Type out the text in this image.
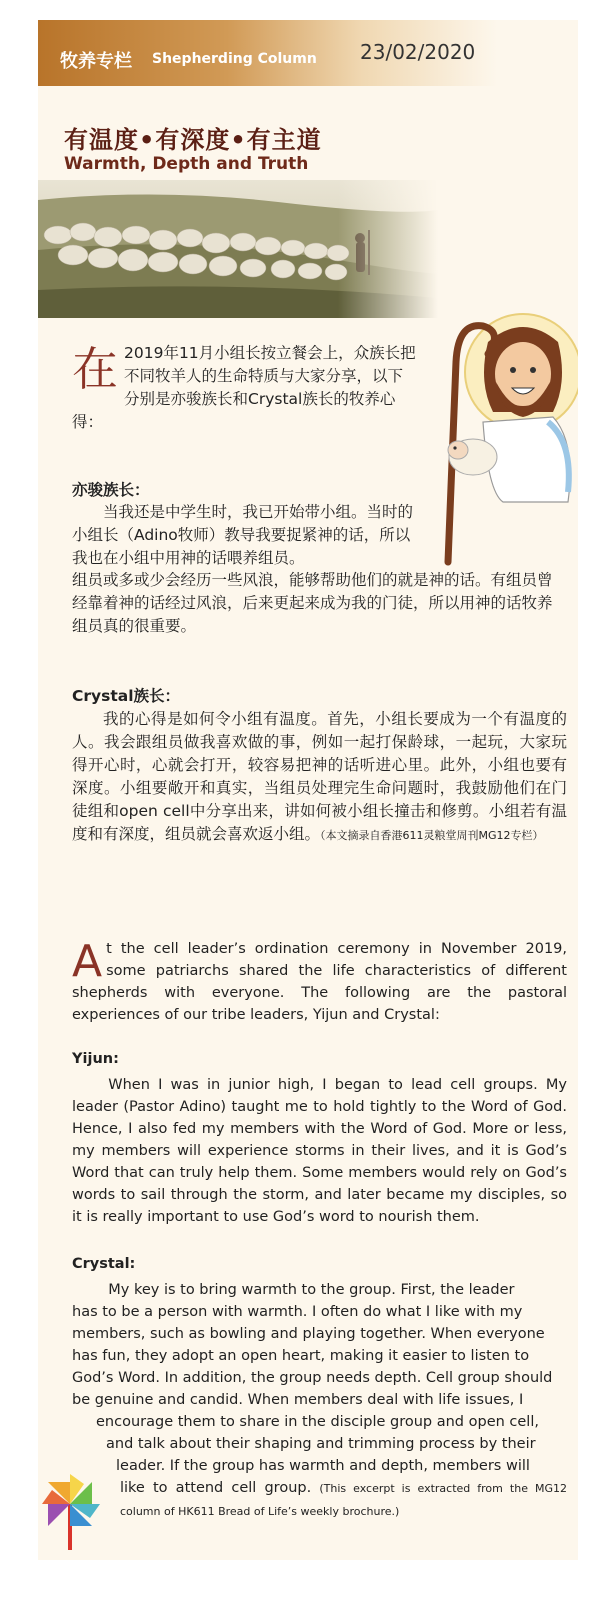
牧养专栏 Shepherding Column 23/02/2020
有温度•有深度•有主道
Warmth, Depth and Truth
在 2019年11月小组长按立餐会上，众族长把不同牧羊人的生命特质与大家分享，以下分别是亦骏族长和Crystal族长的牧养心得：
亦骏族长：
当我还是中学生时，我已开始带小组。当时的小组长（Adino牧师）教导我要捉紧神的话，所以我也在小组中用神的话喂养组员。
组员或多或少会经历一些风浪，能够帮助他们的就是神的话。有组员曾经靠着神的话经过风浪，后来更起来成为我的门徒，所以用神的话牧养组员真的很重要。
Crystal族长：
我的心得是如何令小组有温度。首先，小组长要成为一个有温度的人。我会跟组员做我喜欢做的事，例如一起打保龄球，一起玩，大家玩得开心时，心就会打开，较容易把神的话听进心里。此外，小组也要有深度。小组要敞开和真实，当组员处理完生命问题时，我鼓励他们在门徒组和open cell中分享出来，讲如何被小组长撞击和修剪。小组若有温度和有深度，组员就会喜欢返小组。（本文摘录自香港611灵粮堂周刊MG12专栏）
At the cell leader’s ordination ceremony in November 2019, some patriarchs shared the life characteristics of different shepherds with everyone. The following are the pastoral experiences of our tribe leaders, Yijun and Crystal:
Yijun:
When I was in junior high, I began to lead cell groups. My leader (Pastor Adino) taught me to hold tightly to the Word of God. Hence, I also fed my members with the Word of God. More or less, my members will experience storms in their lives, and it is God’s Word that can truly help them. Some members would rely on God’s words to sail through the storm, and later became my disciples, so it is really important to use God’s word to nourish them.
Crystal:
My key is to bring warmth to the group. First, the leader
has to be a person with warmth. I often do what I like with my
members, such as bowling and playing together. When everyone
has fun, they adopt an open heart, making it easier to listen to
God’s Word. In addition, the group needs depth. Cell group should
be genuine and candid. When members deal with life issues, I
encourage them to share in the disciple group and open cell,
and talk about their shaping and trimming process by their
leader. If the group has warmth and depth, members will
like to attend cell group. (This excerpt is extracted from the MG12 column of HK611 Bread of Life’s weekly brochure.)
